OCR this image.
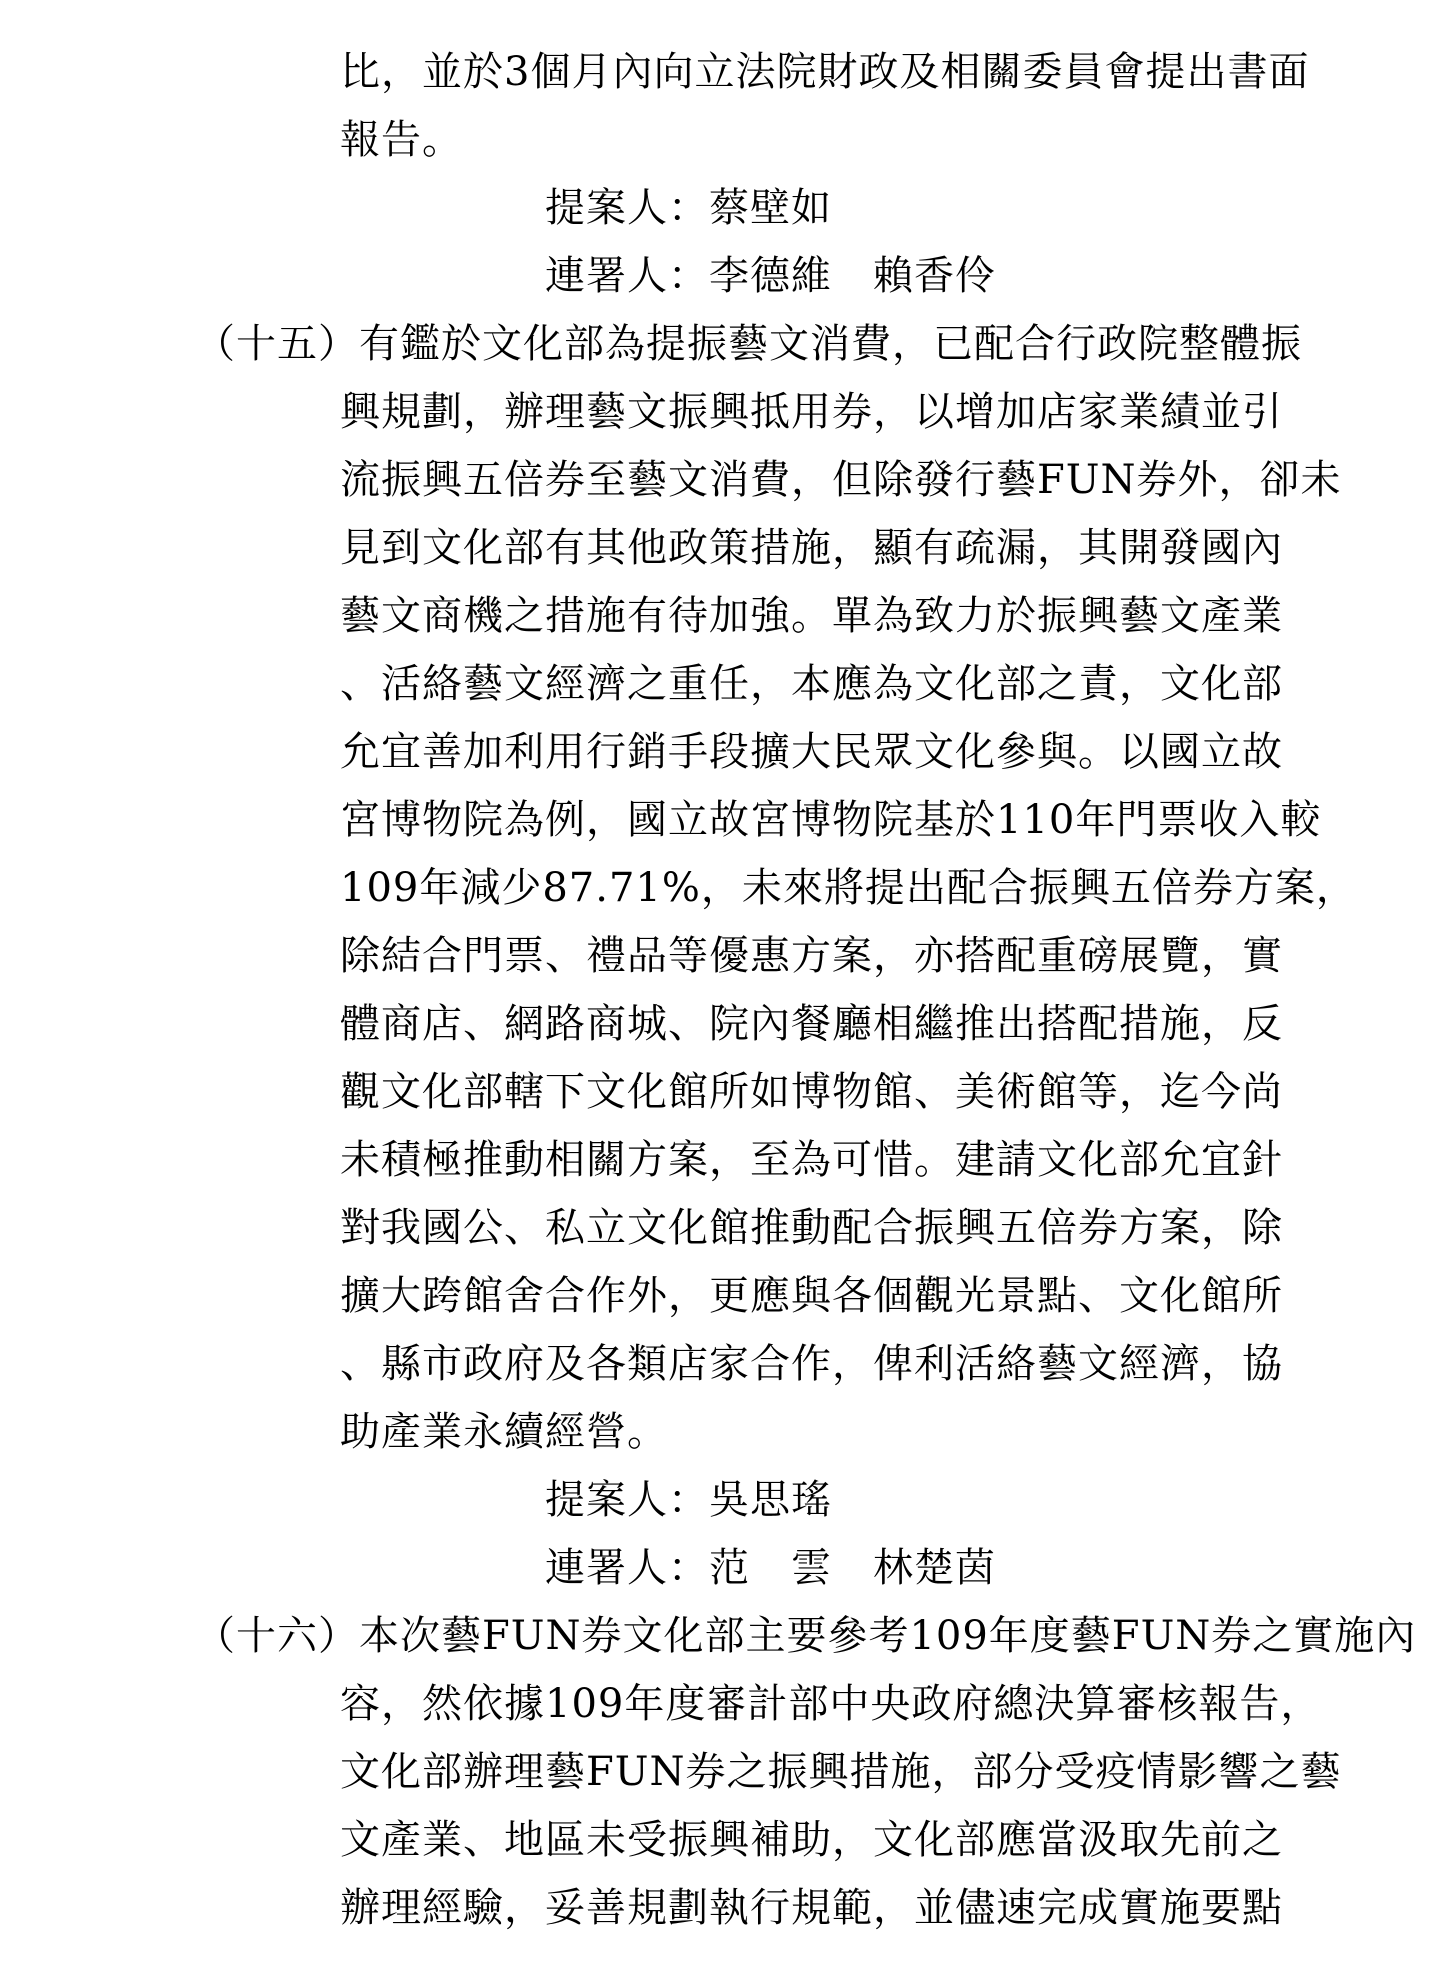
比，並於3個月內向立法院財政及相關委員會提出書面
報告。
提案人：蔡壁如
連署人：李德維　賴香伶
（十五）有鑑於文化部為提振藝文消費，已配合行政院整體振
興規劃，辦理藝文振興抵用券，以增加店家業績並引
流振興五倍券至藝文消費，但除發行藝FUN券外，卻未
見到文化部有其他政策措施，顯有疏漏，其開發國內
藝文商機之措施有待加強。單為致力於振興藝文產業
、活絡藝文經濟之重任，本應為文化部之責，文化部
允宜善加利用行銷手段擴大民眾文化參與。以國立故
宮博物院為例，國立故宮博物院基於110年門票收入較
109年減少87.71%，未來將提出配合振興五倍券方案，
除結合門票、禮品等優惠方案，亦搭配重磅展覽，實
體商店、網路商城、院內餐廳相繼推出搭配措施，反
觀文化部轄下文化館所如博物館、美術館等，迄今尚
未積極推動相關方案，至為可惜。建請文化部允宜針
對我國公、私立文化館推動配合振興五倍券方案，除
擴大跨館舍合作外，更應與各個觀光景點、文化館所
、縣市政府及各類店家合作，俾利活絡藝文經濟，協
助產業永續經營。
提案人：吳思瑤
連署人：范　雲　林楚茵
（十六）本次藝FUN券文化部主要參考109年度藝FUN券之實施內
容，然依據109年度審計部中央政府總決算審核報告，
文化部辦理藝FUN券之振興措施，部分受疫情影響之藝
文產業、地區未受振興補助，文化部應當汲取先前之
辦理經驗，妥善規劃執行規範，並儘速完成實施要點
